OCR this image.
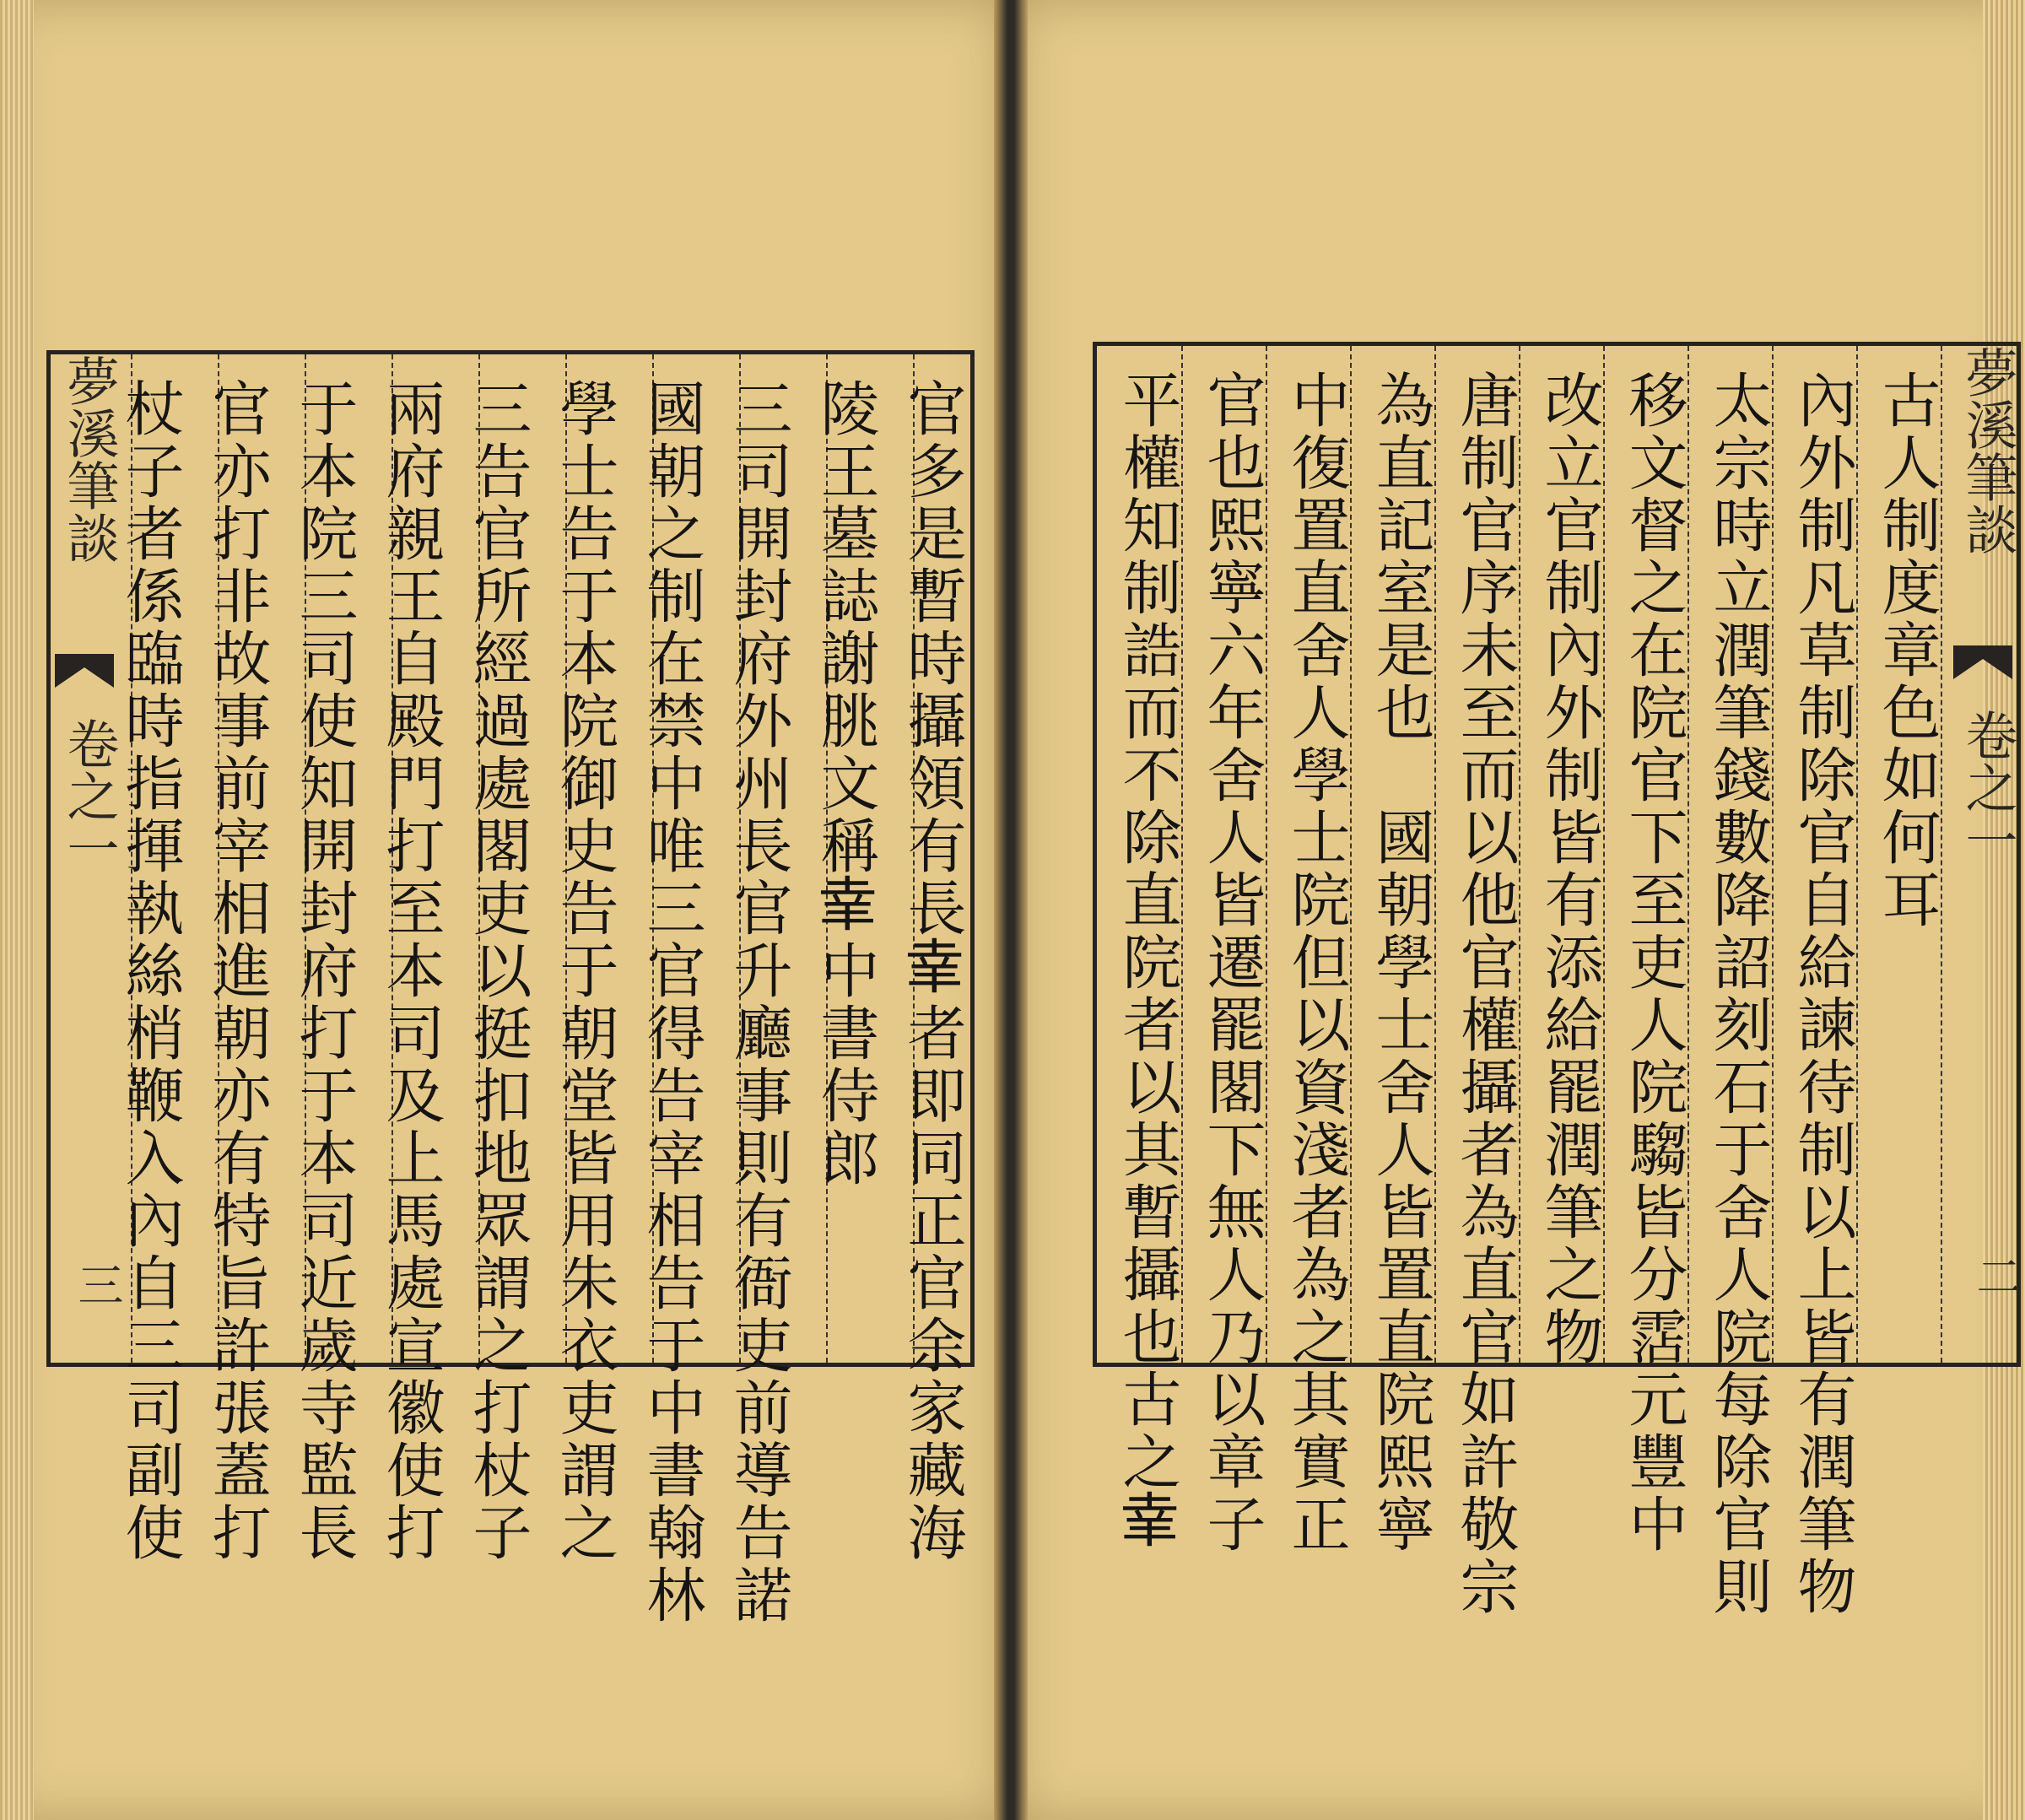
夢溪筆談
卷之一
三	官多是暫時攝領有長𦍒者即同正官余家藏海
陵王墓誌謝朓文稱𦍒中書侍郎
三司開封府外州長官升廳事則有衙吏前導告諾
國朝之制在禁中唯三官得告宰相告于中書翰林
學士告于本院御史告于朝堂皆用朱衣吏謂之
三告官所經過處閣吏以挺扣地眾謂之打杖子
兩府親王自殿門打至本司及上馬處宣徽使打
于本院三司使知開封府打于本司近歲寺監長
官亦打非故事前宰相進朝亦有特旨許張蓋打
杖子者係臨時指揮執絲梢鞭入內自三司副使	夢溪筆談
卷之一
二
古人制度章色如何耳
內外制凡草制除官自給諫待制以上皆有潤筆物
太宗時立潤筆錢數降詔刻石于舍人院每除官則
移文督之在院官下至吏人院騶皆分霑元豐中
改立官制內外制皆有添給罷潤筆之物
唐制官序未至而以他官權攝者為直官如許敬宗
為直記室是也　國朝學士舍人皆置直院熙寧
中復置直舍人學士院但以資淺者為之其實正
官也熙寧六年舍人皆遷罷閣下無人乃以章子
平權知制誥而不除直院者以其暫攝也古之𦍒
